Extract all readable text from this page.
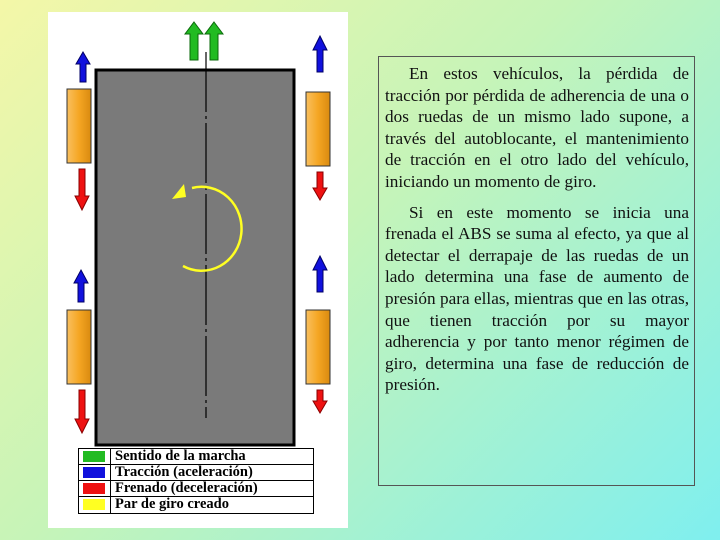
Sentido de la marcha
Tracción (aceleración)
Frenado (deceleración)
Par de giro creado

En estos vehículos, la pérdida de tracción por pérdida de adherencia de una o dos ruedas de un mismo lado supone, a través del autoblocante, el mantenimiento de tracción en el otro lado del vehículo, iniciando un momento de giro.

Si en este momento se inicia una frenada el ABS se suma al efecto, ya que al detectar el derrapaje de las ruedas de un lado determina una fase de aumento de presión para ellas, mientras que en las otras, que tienen tracción por su mayor adherencia y por tanto menor régimen de giro, determina una fase de reducción de presión.
